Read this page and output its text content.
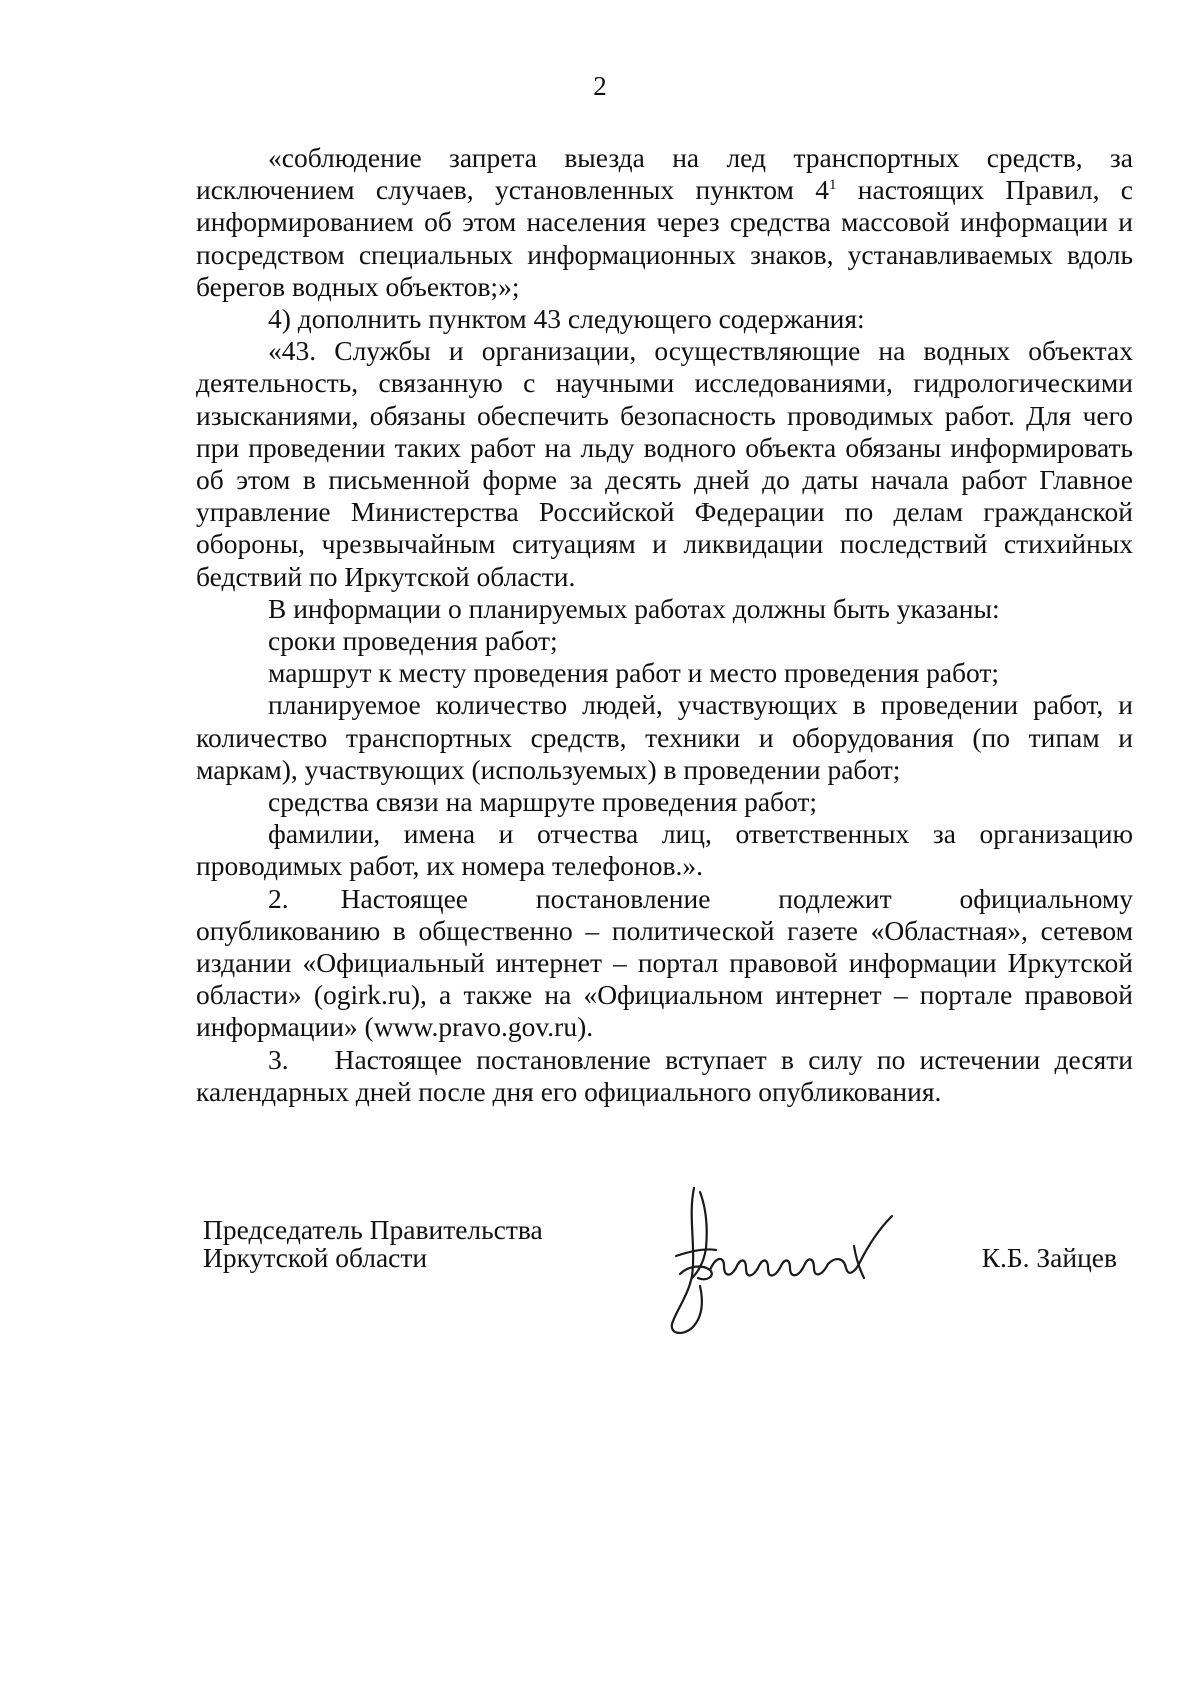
2

«соблюдение запрета выезда на лед транспортных средств, за исключением случаев, установленных пунктом $4^1$ настоящих Правил, с информированием об этом населения через средства массовой информации и посредством специальных информационных знаков, устанавливаемых вдоль берегов водных объектов;»;

4) дополнить пунктом 43 следующего содержания:

«43. Службы и организации, осуществляющие на водных объектах деятельность, связанную с научными исследованиями, гидрологическими изысканиями, обязаны обеспечить безопасность проводимых работ. Для чего при проведении таких работ на льду водного объекта обязаны информировать об этом в письменной форме за десять дней до даты начала работ Главное управление Министерства Российской Федерации по делам гражданской обороны, чрезвычайным ситуациям и ликвидации последствий стихийных бедствий по Иркутской области.

В информации о планируемых работах должны быть указаны:

сроки проведения работ;

маршрут к месту проведения работ и место проведения работ;

планируемое количество людей, участвующих в проведении работ, и количество транспортных средств, техники и оборудования (по типам и маркам), участвующих (используемых) в проведении работ;

средства связи на маршруте проведения работ;

фамилии, имена и отчества лиц, ответственных за организацию проводимых работ, их номера телефонов.».

2. Настоящее постановление подлежит официальному опубликованию в общественно – политической газете «Областная», сетевом издании «Официальный интернет – портал правовой информации Иркутской области» (ogirk.ru), а также на «Официальном интернет – портале правовой информации» (www.pravo.gov.ru).

3. Настоящее постановление вступает в силу по истечении десяти календарных дней после дня его официального опубликования.

Председатель Правительства
Иркутской области	К.Б. Зайцев
